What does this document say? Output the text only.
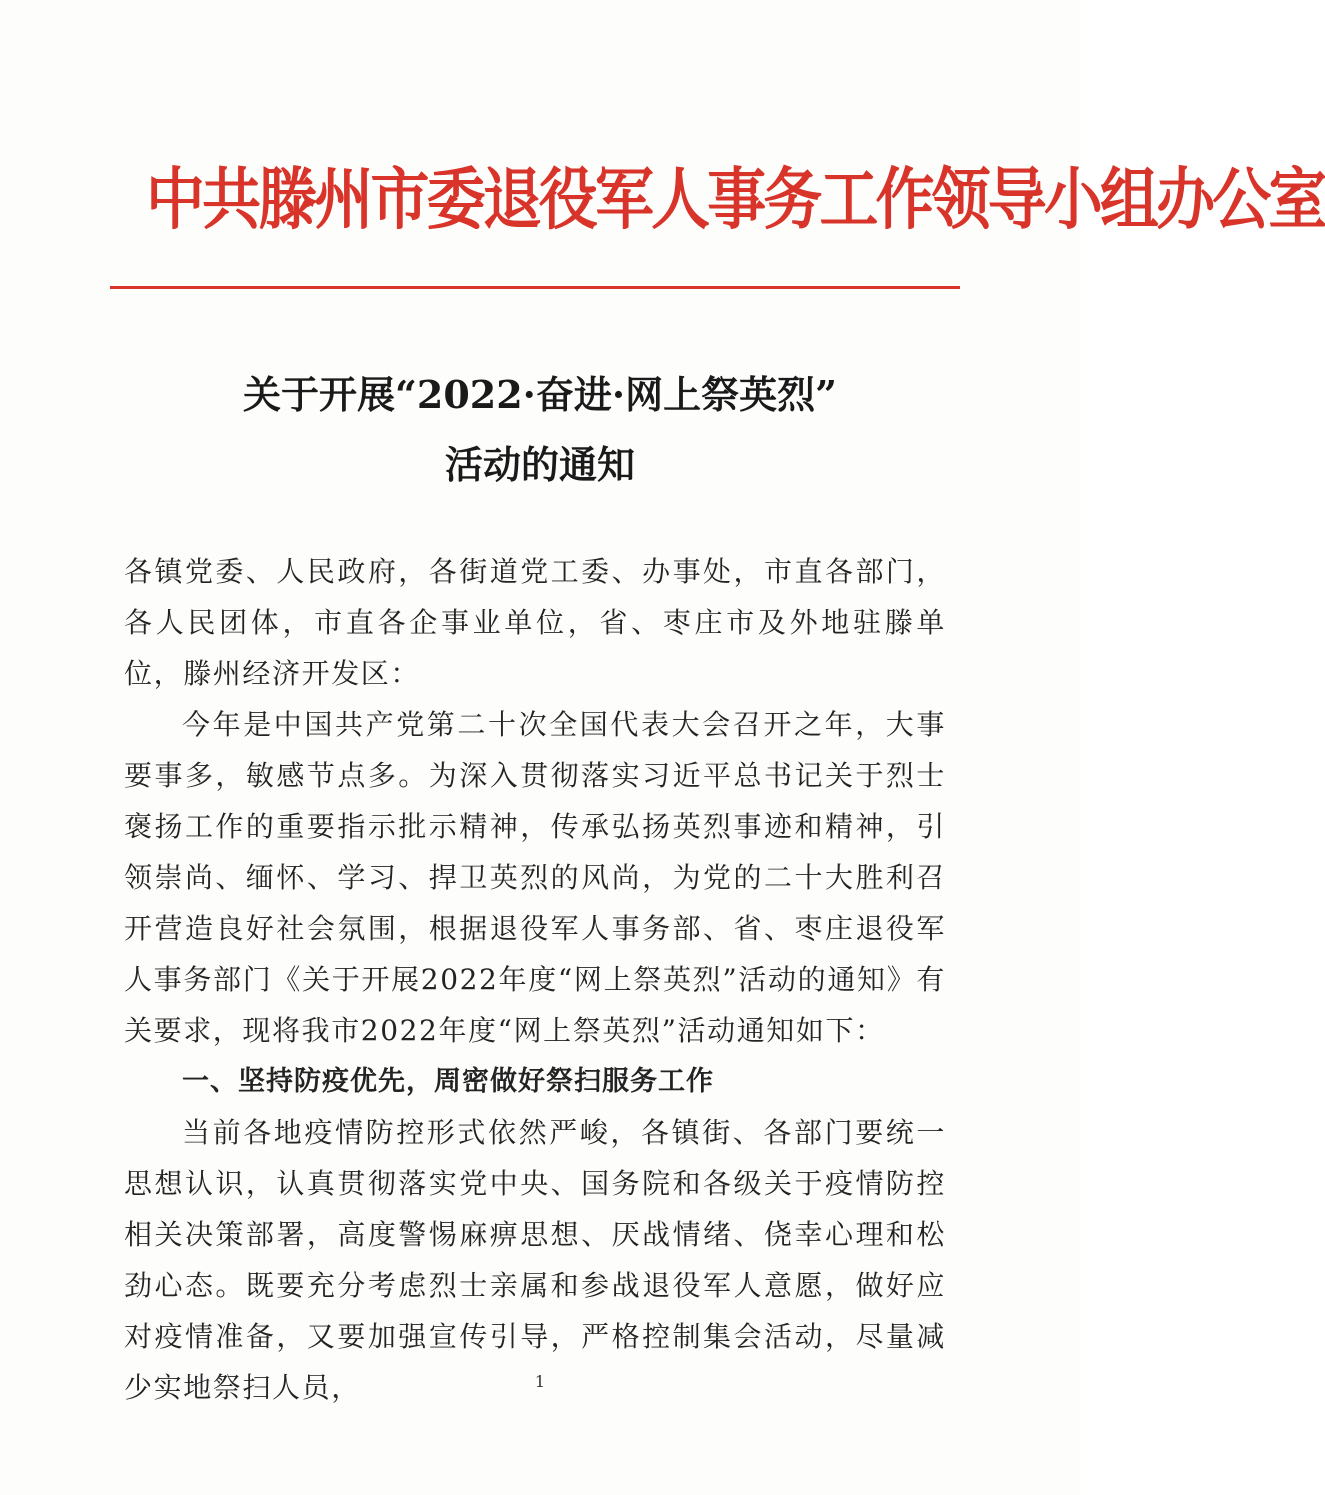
中共滕州市委退役军人事务工作领导小组办公室
关于开展“2022·奋进·网上祭英烈”
活动的通知

各镇党委、人民政府，各街道党工委、办事处，市直各部门，各人民团体，市直各企事业单位，省、枣庄市及外地驻滕单位，滕州经济开发区：

今年是中国共产党第二十次全国代表大会召开之年，大事要事多，敏感节点多。为深入贯彻落实习近平总书记关于烈士褒扬工作的重要指示批示精神，传承弘扬英烈事迹和精神，引领崇尚、缅怀、学习、捍卫英烈的风尚，为党的二十大胜利召开营造良好社会氛围，根据退役军人事务部、省、枣庄退役军人事务部门《关于开展2022年度“网上祭英烈”活动的通知》有关要求，现将我市2022年度“网上祭英烈”活动通知如下：

一、坚持防疫优先，周密做好祭扫服务工作

当前各地疫情防控形式依然严峻，各镇街、各部门要统一思想认识，认真贯彻落实党中央、国务院和各级关于疫情防控相关决策部署，高度警惕麻痹思想、厌战情绪、侥幸心理和松劲心态。既要充分考虑烈士亲属和参战退役军人意愿，做好应对疫情准备，又要加强宣传引导，严格控制集会活动，尽量减少实地祭扫人员，	1
